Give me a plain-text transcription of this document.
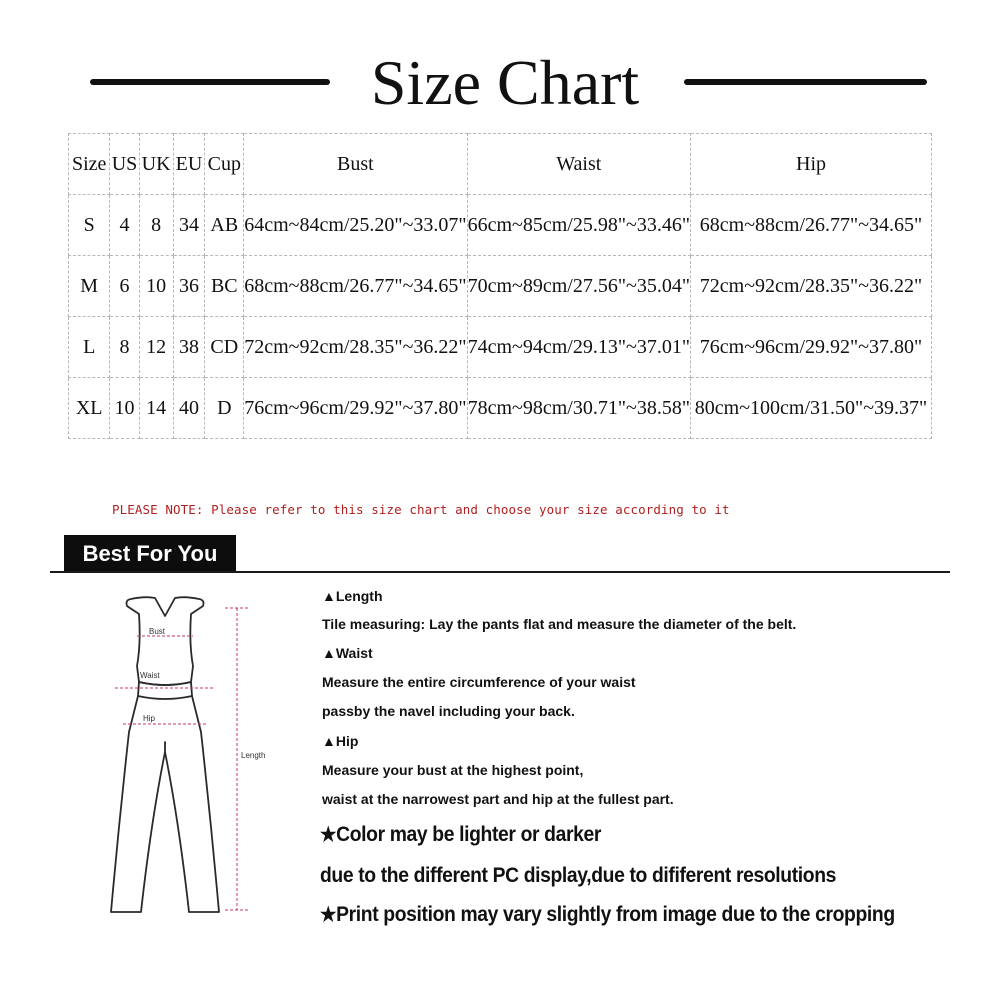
Size Chart
Size	US	UK	EU	Cup	Bust	Waist	Hip
S	4	8	34	AB	64cm~84cm/25.20"~33.07"	66cm~85cm/25.98"~33.46"	68cm~88cm/26.77"~34.65"
M	6	10	36	BC	68cm~88cm/26.77"~34.65"	70cm~89cm/27.56"~35.04"	72cm~92cm/28.35"~36.22"
L	8	12	38	CD	72cm~92cm/28.35"~36.22"	74cm~94cm/29.13"~37.01"	76cm~96cm/29.92"~37.80"
XL	10	14	40	D	76cm~96cm/29.92"~37.80"	78cm~98cm/30.71"~38.58"	80cm~100cm/31.50"~39.37"
PLEASE NOTE: Please refer to this size chart and choose your size according to it
Best For You
Bust
Waist
Hip
Length
▲Length
Tile measuring: Lay the pants flat and measure the diameter of the belt.
▲Waist
Measure the entire circumference of your waist
passby the navel including your back.
▲Hip
Measure your bust at the highest point,
waist at the narrowest part and hip at the fullest part.
★Color may be lighter or darker
due to the different PC display,due to dififerent resolutions
★Print position may vary slightly from image due to the cropping
